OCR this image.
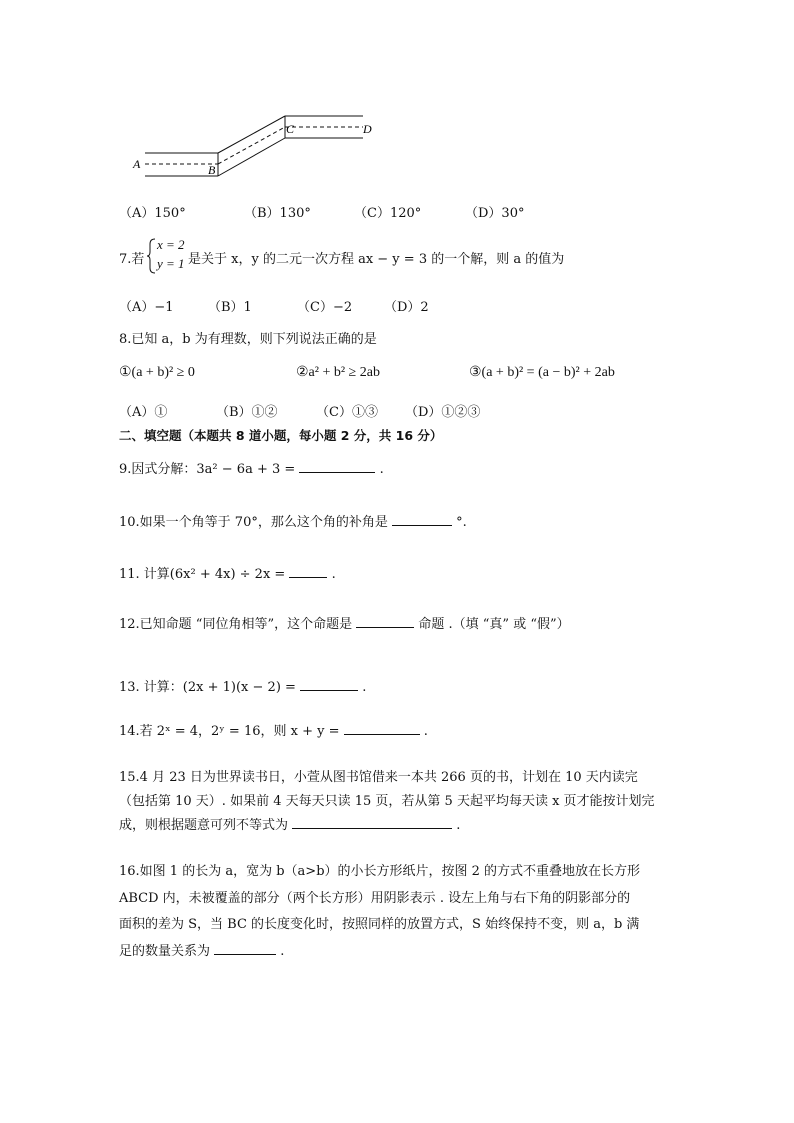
A	B
C	D
（A）150°	（B）130°	（C）120°	（D）30°
7.若
x = 2
y = 1 是关于 x，y 的二元一次方程 ax − y = 3 的一个解，则 a 的值为
（A）−1	（B）1	（C）−2 （D）2
8.已知 a，b 为有理数，则下列说法正确的是
①(a + b)² ≥ 0	②a² + b² ≥ 2ab	③(a + b)² = (a − b)² + 2ab
（A）①	（B）①②	（C）①③ （D）①②③
二、填空题（本题共 8 道小题，每小题 2 分，共 16 分）
9.因式分解：3a² − 6a + 3 =	.
10.如果一个角等于 70°，那么这个角的补角是	°.
11. 计算(6x² + 4x) ÷ 2x =	.
12.已知命题 “同位角相等”，这个命题是	命题 .（填 “真” 或 “假”）
13. 计算：(2x + 1)(x − 2) =	.
14.若 2ˣ = 4，2ʸ = 16，则 x + y =	.
15.4 月 23 日为世界读书日，小萱从图书馆借来一本共 266 页的书，计划在 10 天内读完
（包括第 10 天）. 如果前 4 天每天只读 15 页，若从第 5 天起平均每天读 x 页才能按计划完
成，则根据题意可列不等式为	.
16.如图 1 的长为 a，宽为 b（a>b）的小长方形纸片，按图 2 的方式不重叠地放在长方形
ABCD 内，未被覆盖的部分（两个长方形）用阴影表示 . 设左上角与右下角的阴影部分的
面积的差为 S，当 BC 的长度变化时，按照同样的放置方式，S 始终保持不变，则 a，b 满
足的数量关系为	.
